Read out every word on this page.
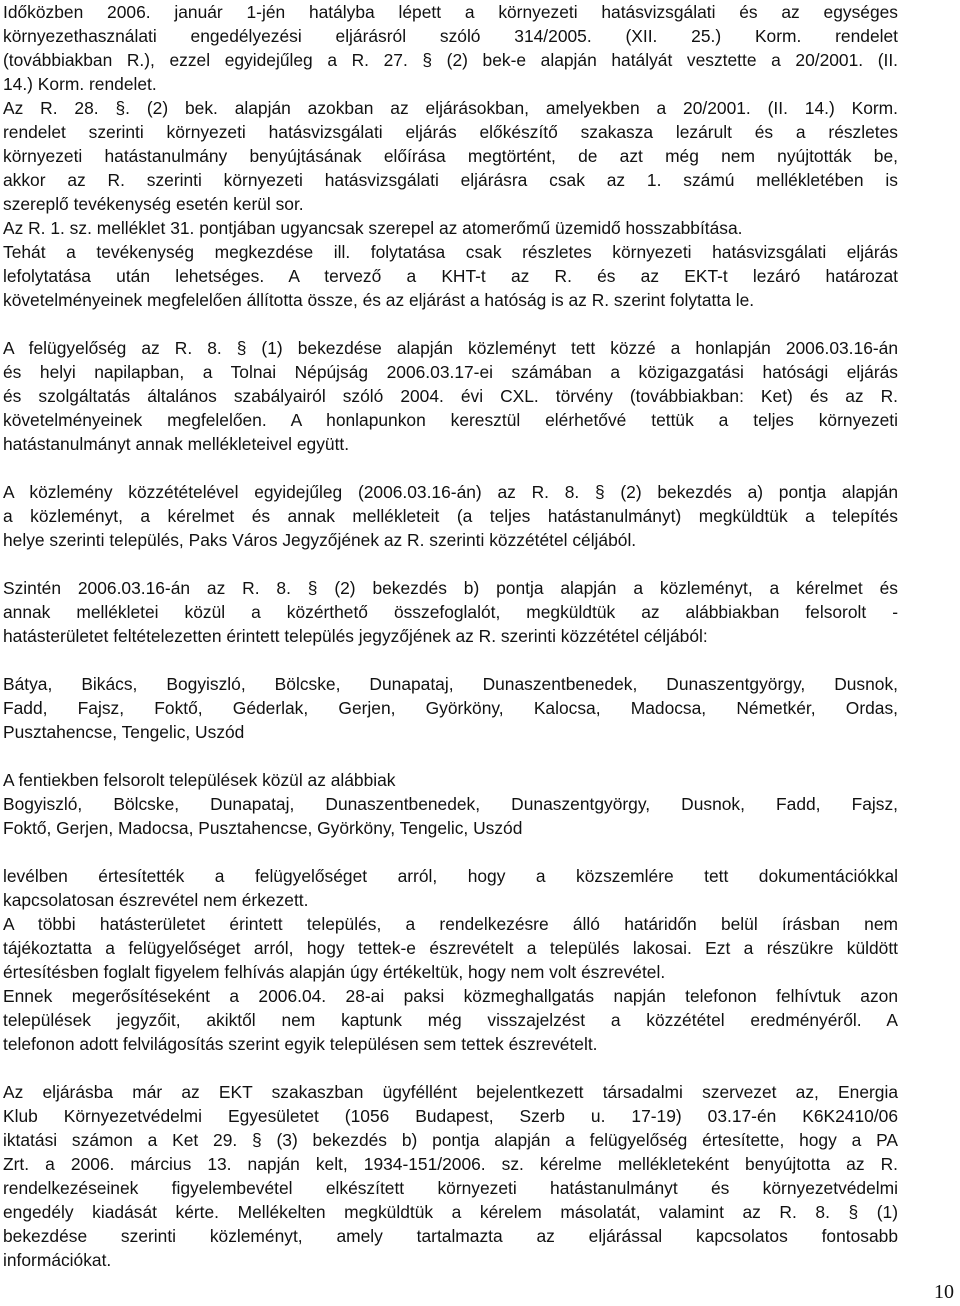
Időközben 2006. január 1-jén hatályba lépett a környezeti hatásvizsgálati és az egységes
környezethasználati engedélyezési eljárásról szóló 314/2005. (XII. 25.) Korm. rendelet
(továbbiakban R.), ezzel egyidejűleg a R. 27. § (2) bek-e alapján hatályát vesztette a 20/2001. (II.
14.) Korm. rendelet.
Az R. 28. §. (2) bek. alapján azokban az eljárásokban, amelyekben a 20/2001. (II. 14.) Korm.
rendelet szerinti környezeti hatásvizsgálati eljárás előkészítő szakasza lezárult és a részletes
környezeti hatástanulmány benyújtásának előírása megtörtént, de azt még nem nyújtották be,
akkor az R. szerinti környezeti hatásvizsgálati eljárásra csak az 1. számú mellékletében is
szereplő tevékenység esetén kerül sor.
Az R. 1. sz. melléklet 31. pontjában ugyancsak szerepel az atomerőmű üzemidő hosszabbítása.
Tehát a tevékenység megkezdése ill. folytatása csak részletes környezeti hatásvizsgálati eljárás
lefolytatása után lehetséges. A tervező a KHT-t az R. és az EKT-t lezáró határozat
követelményeinek megfelelően állította össze, és az eljárást a hatóság is az R. szerint folytatta le.
A felügyelőség az R. 8. § (1) bekezdése alapján közleményt tett közzé a honlapján 2006.03.16-án
és helyi napilapban, a Tolnai Népújság 2006.03.17-ei számában a közigazgatási hatósági eljárás
és szolgáltatás általános szabályairól szóló 2004. évi CXL. törvény (továbbiakban: Ket) és az R.
követelményeinek megfelelően. A honlapunkon keresztül elérhetővé tettük a teljes környezeti
hatástanulmányt annak mellékleteivel együtt.
A közlemény közzétételével egyidejűleg (2006.03.16-án) az R. 8. § (2) bekezdés a) pontja alapján
a közleményt, a kérelmet és annak mellékleteit (a teljes hatástanulmányt) megküldtük a telepítés
helye szerinti település, Paks Város Jegyzőjének az R. szerinti közzététel céljából.
Szintén 2006.03.16-án az R. 8. § (2) bekezdés b) pontja alapján a közleményt, a kérelmet és
annak mellékletei közül a közérthető összefoglalót, megküldtük az alábbiakban felsorolt -
hatásterületet feltételezetten érintett település jegyzőjének az R. szerinti közzététel céljából:
Bátya, Bikács, Bogyiszló, Bölcske, Dunapataj, Dunaszentbenedek, Dunaszentgyörgy, Dusnok,
Fadd, Fajsz, Foktő, Géderlak, Gerjen, Györköny, Kalocsa, Madocsa, Németkér, Ordas,
Pusztahencse, Tengelic, Uszód
A fentiekben felsorolt települések közül az alábbiak
Bogyiszló, Bölcske, Dunapataj, Dunaszentbenedek, Dunaszentgyörgy, Dusnok, Fadd, Fajsz,
Foktő, Gerjen, Madocsa, Pusztahencse, Györköny, Tengelic, Uszód
levélben értesítették a felügyelőséget arról, hogy a közszemlére tett dokumentációkkal
kapcsolatosan észrevétel nem érkezett.
A többi hatásterületet érintett település, a rendelkezésre álló határidőn belül írásban nem
tájékoztatta a felügyelőséget arról, hogy tettek-e észrevételt a település lakosai. Ezt a részükre küldött
értesítésben foglalt figyelem felhívás alapján úgy értékeltük, hogy nem volt észrevétel.
Ennek megerősítéseként a 2006.04. 28-ai paksi közmeghallgatás napján telefonon felhívtuk azon
települések jegyzőit, akiktől nem kaptunk még visszajelzést a közzététel eredményéről. A
telefonon adott felvilágosítás szerint egyik településen sem tettek észrevételt.
Az eljárásba már az EKT szakaszban ügyféllént bejelentkezett társadalmi szervezet az, Energia
Klub Környezetvédelmi Egyesületet (1056 Budapest, Szerb u. 17-19) 03.17-én K6K2410/06
iktatási számon a Ket 29. § (3) bekezdés b) pontja alapján a felügyelőség értesítette, hogy a PA
Zrt. a 2006. március 13. napján kelt, 1934-151/2006. sz. kérelme mellékleteként benyújtotta az R.
rendelkezéseinek figyelembevétel elkészített környezeti hatástanulmányt és környezetvédelmi
engedély kiadását kérte. Mellékelten megküldtük a kérelem másolatát, valamint az R. 8. § (1)
bekezdése szerinti közleményt, amely tartalmazta az eljárással kapcsolatos fontosabb
információkat.
10
